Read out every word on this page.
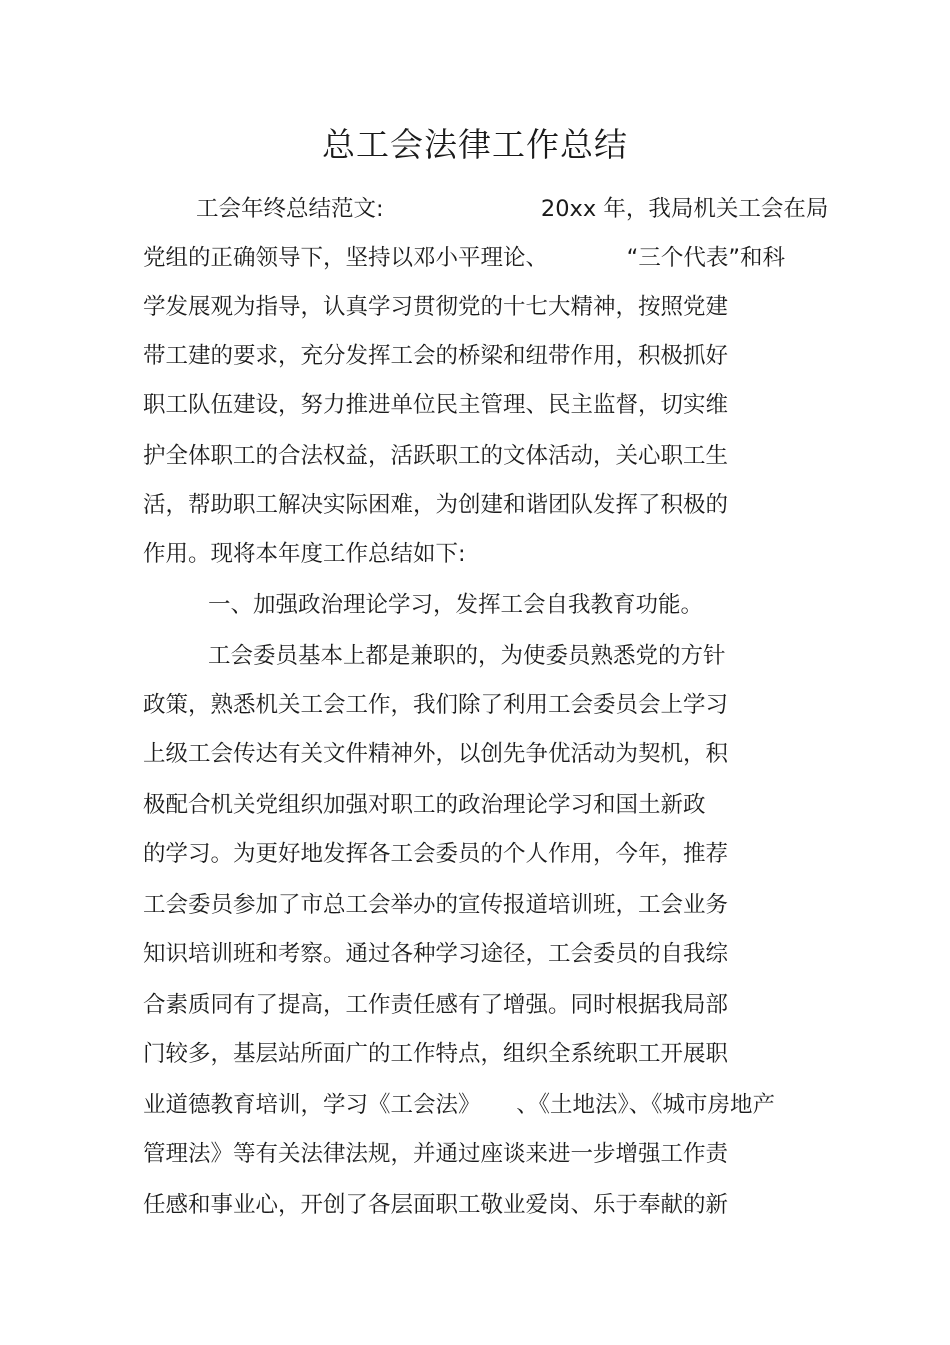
总工会法律工作总结
工会年终总结范文:                      20xx 年，我局机关工会在局
党组的正确领导下，坚持以邓小平理论、           “三个代表”和科
学发展观为指导，认真学习贯彻党的十七大精神，按照党建
带工建的要求，充分发挥工会的桥梁和纽带作用，积极抓好
职工队伍建设，努力推进单位民主管理、民主监督，切实维
护全体职工的合法权益，活跃职工的文体活动，关心职工生
活，帮助职工解决实际困难，为创建和谐团队发挥了积极的
作用。现将本年度工作总结如下:
一、加强政治理论学习，发挥工会自我教育功能。
工会委员基本上都是兼职的，为使委员熟悉党的方针
政策，熟悉机关工会工作，我们除了利用工会委员会上学习
上级工会传达有关文件精神外，以创先争优活动为契机，积
极配合机关党组织加强对职工的政治理论学习和国土新政
的学习。为更好地发挥各工会委员的个人作用，今年，推荐
工会委员参加了市总工会举办的宣传报道培训班，工会业务
知识培训班和考察。通过各种学习途径，工会委员的自我综
合素质同有了提高，工作责任感有了增强。同时根据我局部
门较多，基层站所面广的工作特点，组织全系统职工开展职
业道德教育培训，学习《工会法》     、《土地法》、《城市房地产
管理法》等有关法律法规，并通过座谈来进一步增强工作责
任感和事业心，开创了各层面职工敬业爱岗、乐于奉献的新
